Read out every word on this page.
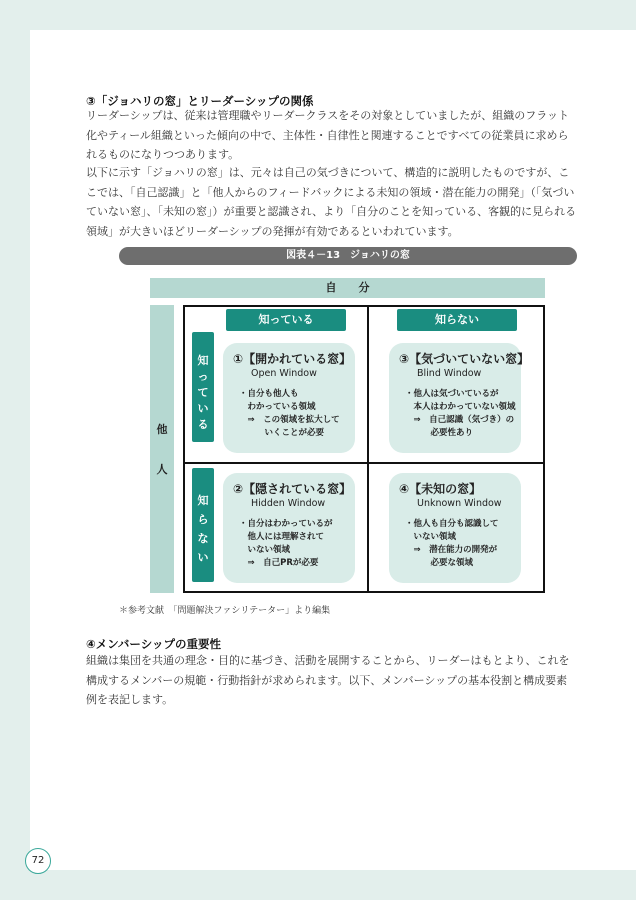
③「ジョハリの窓」とリーダーシップの関係
リーダーシップは、従来は管理職やリーダークラスをその対象としていましたが、組織のフラット化やティール組織といった傾向の中で、主体性・自律性と関連することですべての従業員に求められるものになりつつあります。
以下に示す「ジョハリの窓」は、元々は自己の気づきについて、構造的に説明したものですが、ここでは、「自己認識」と「他人からのフィードバックによる未知の領域・潜在能力の開発」（「気づいていない窓」、「未知の窓」）が重要と認識され、より「自分のことを知っている、客観的に見られる領域」が大きいほどリーダーシップの発揮が有効であるといわれています。
図表４－13　ジョハリの窓
自分
他
人
知っている	知らない
知
っ
て
い
る
知
ら
な
い
①【開かれている窓】
Open Window
・自分も他人も
　わかっている領域
　⇒　この領域を拡大して
　　　いくことが必要
③【気づいていない窓】
Blind Window
・他人は気づいているが
　本人はわかっていない領域
　⇒　自己認識（気づき）の
　　　必要性あり
②【隠されている窓】
Hidden Window
・自分はわかっているが
　他人には理解されて
　いない領域
　⇒　自己PRが必要
④【未知の窓】
Unknown Window
・他人も自分も認識して
　いない領域
　⇒　潜在能力の開発が
　　　必要な領域
＊参考文献　「問題解決ファシリテーター」より編集
④メンバーシップの重要性
組織は集団を共通の理念・目的に基づき、活動を展開することから、リーダーはもとより、これを構成するメンバーの規範・行動指針が求められます。以下、メンバーシップの基本役割と構成要素例を表記します。
72
